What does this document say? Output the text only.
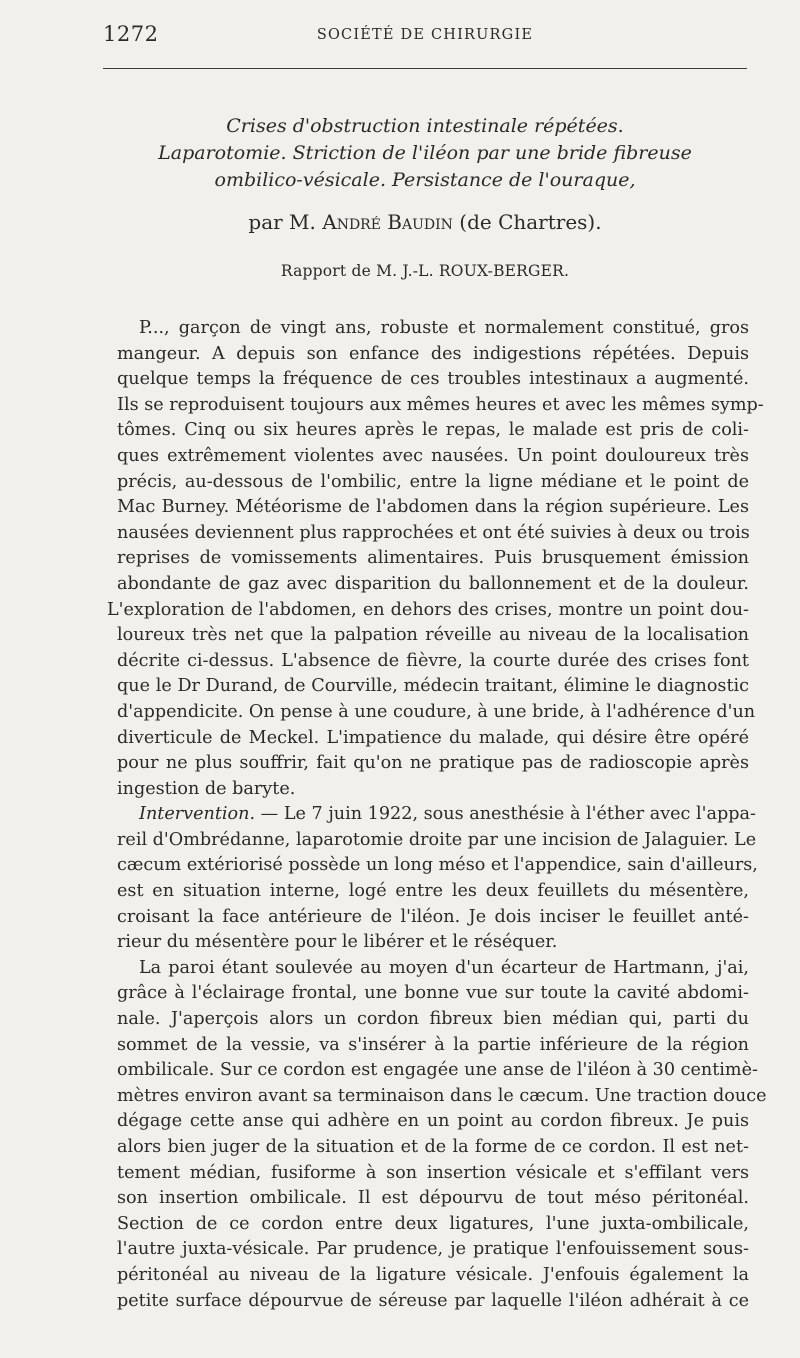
1272	SOCIÉTÉ DE CHIRURGIE
Crises d'obstruction intestinale répétées.
Laparotomie. Striction de l'iléon par une bride fibreuse
ombilico-vésicale. Persistance de l'ouraque,
par M. André Baudin (de Chartres).
Rapport de M. J.-L. ROUX-BERGER.
P..., garçon de vingt ans, robuste et normalement constitué, gros
mangeur. A depuis son enfance des indigestions répétées. Depuis
quelque temps la fréquence de ces troubles intestinaux a augmenté.
Ils se reproduisent toujours aux mêmes heures et avec les mêmes symp-
tômes. Cinq ou six heures après le repas, le malade est pris de coli-
ques extrêmement violentes avec nausées. Un point douloureux très
précis, au-dessous de l'ombilic, entre la ligne médiane et le point de
Mac Burney. Météorisme de l'abdomen dans la région supérieure. Les
nausées deviennent plus rapprochées et ont été suivies à deux ou trois
reprises de vomissements alimentaires. Puis brusquement émission
abondante de gaz avec disparition du ballonnement et de la douleur.
L'exploration de l'abdomen, en dehors des crises, montre un point dou-
loureux très net que la palpation réveille au niveau de la localisation
décrite ci-dessus. L'absence de fièvre, la courte durée des crises font
que le Dr Durand, de Courville, médecin traitant, élimine le diagnostic
d'appendicite. On pense à une coudure, à une bride, à l'adhérence d'un
diverticule de Meckel. L'impatience du malade, qui désire être opéré
pour ne plus souffrir, fait qu'on ne pratique pas de radioscopie après
ingestion de baryte.
Intervention. — Le 7 juin 1922, sous anesthésie à l'éther avec l'appa-
reil d'Ombrédanne, laparotomie droite par une incision de Jalaguier. Le
cæcum extériorisé possède un long méso et l'appendice, sain d'ailleurs,
est en situation interne, logé entre les deux feuillets du mésentère,
croisant la face antérieure de l'iléon. Je dois inciser le feuillet anté-
rieur du mésentère pour le libérer et le réséquer.
La paroi étant soulevée au moyen d'un écarteur de Hartmann, j'ai,
grâce à l'éclairage frontal, une bonne vue sur toute la cavité abdomi-
nale. J'aperçois alors un cordon fibreux bien médian qui, parti du
sommet de la vessie, va s'insérer à la partie inférieure de la région
ombilicale. Sur ce cordon est engagée une anse de l'iléon à 30 centimè-
mètres environ avant sa terminaison dans le cæcum. Une traction douce
dégage cette anse qui adhère en un point au cordon fibreux. Je puis
alors bien juger de la situation et de la forme de ce cordon. Il est net-
tement médian, fusiforme à son insertion vésicale et s'effilant vers
son insertion ombilicale. Il est dépourvu de tout méso péritonéal.
Section de ce cordon entre deux ligatures, l'une juxta-ombilicale,
l'autre juxta-vésicale. Par prudence, je pratique l'enfouissement sous-
péritonéal au niveau de la ligature vésicale. J'enfouis également la
petite surface dépourvue de séreuse par laquelle l'iléon adhérait à ce
